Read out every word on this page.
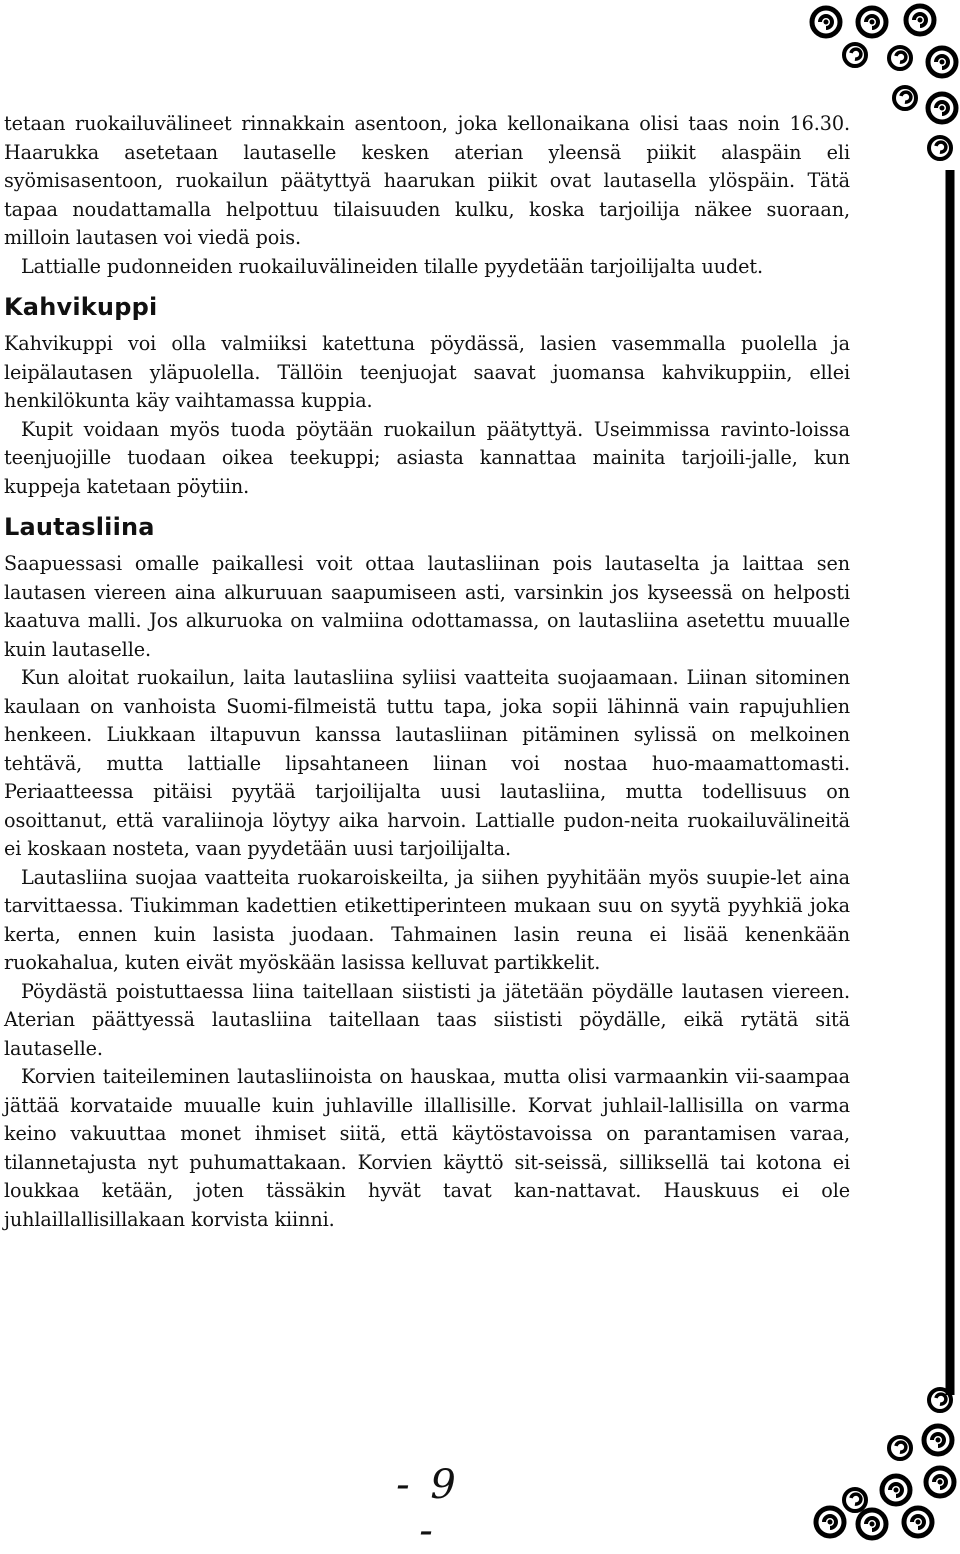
tetaan ruokailuvälineet rinnakkain asentoon, joka kellonaikana olisi taas noin 16.30. Haarukka asetetaan lautaselle kesken aterian yleensä piikit alaspäin eli syömisasentoon, ruokailun päätyttyä haarukan piikit ovat lautasella ylöspäin. Tätä tapaa noudattamalla helpottuu tilaisuuden kulku, koska tarjoilija näkee suoraan, milloin lautasen voi viedä pois.

Lattialle pudonneiden ruokailuvälineiden tilalle pyydetään tarjoilijalta uudet.

Kahvikuppi

Kahvikuppi voi olla valmiiksi katettuna pöydässä, lasien vasemmalla puolella ja leipälautasen yläpuolella. Tällöin teenjuojat saavat juomansa kahvikuppiin, ellei henkilökunta käy vaihtamassa kuppia.

Kupit voidaan myös tuoda pöytään ruokailun päätyttyä. Useimmissa ravinto-loissa teenjuojille tuodaan oikea teekuppi; asiasta kannattaa mainita tarjoili-jalle, kun kuppeja katetaan pöytiin.

Lautasliina

Saapuessasi omalle paikallesi voit ottaa lautasliinan pois lautaselta ja laittaa sen lautasen viereen aina alkuruuan saapumiseen asti, varsinkin jos kyseessä on helposti kaatuva malli. Jos alkuruoka on valmiina odottamassa, on lautasliina asetettu muualle kuin lautaselle.

Kun aloitat ruokailun, laita lautasliina syliisi vaatteita suojaamaan. Liinan sitominen kaulaan on vanhoista Suomi-filmeistä tuttu tapa, joka sopii lähinnä vain rapujuhlien henkeen. Liukkaan iltapuvun kanssa lautasliinan pitäminen sylissä on melkoinen tehtävä, mutta lattialle lipsahtaneen liinan voi nostaa huo-maamattomasti. Periaatteessa pitäisi pyytää tarjoilijalta uusi lautasliina, mutta todellisuus on osoittanut, että varaliinoja löytyy aika harvoin. Lattialle pudon-neita ruokailuvälineitä ei koskaan nosteta, vaan pyydetään uusi tarjoilijalta.

Lautasliina suojaa vaatteita ruokaroiskeilta, ja siihen pyyhitään myös suupie-let aina tarvittaessa. Tiukimman kadettien etikettiperinteen mukaan suu on syytä pyyhkiä joka kerta, ennen kuin lasista juodaan. Tahmainen lasin reuna ei lisää kenenkään ruokahalua, kuten eivät myöskään lasissa kelluvat partikkelit.

Pöydästä poistuttaessa liina taitellaan siististi ja jätetään pöydälle lautasen viereen. Aterian päättyessä lautasliina taitellaan taas siististi pöydälle, eikä rytätä sitä lautaselle.

Korvien taiteileminen lautasliinoista on hauskaa, mutta olisi varmaankin vii-saampaa jättää korvataide muualle kuin juhlaville illallisille. Korvat juhlail-lallisilla on varma keino vakuuttaa monet ihmiset siitä, että käytöstavoissa on parantamisen varaa, tilannetajusta nyt puhumattakaan. Korvien käyttö sit-seissä, silliksellä tai kotona ei loukkaa ketään, joten tässäkin hyvät tavat kan-nattavat. Hauskuus ei ole juhlaillallisillakaan korvista kiinni.

- 9 -
